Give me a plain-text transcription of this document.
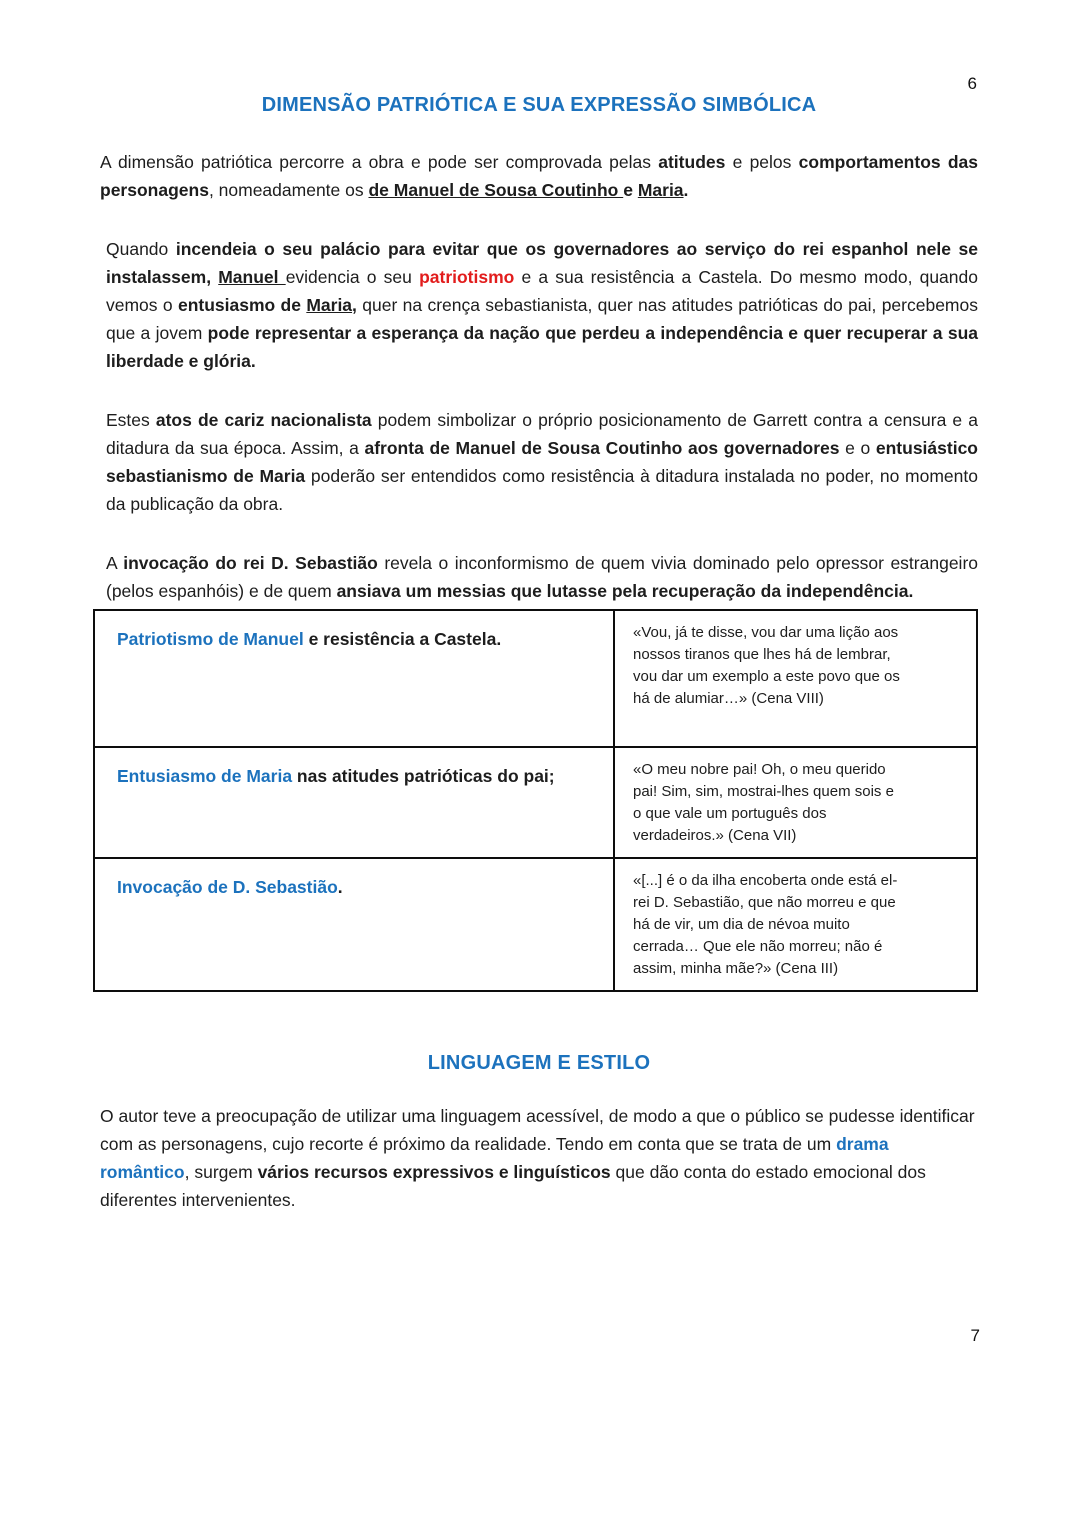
6
DIMENSÃO PATRIÓTICA E SUA EXPRESSÃO SIMBÓLICA

A dimensão patriótica percorre a obra e pode ser comprovada pelas atitudes e pelos comportamentos das personagens, nomeadamente os de Manuel de Sousa Coutinho e Maria.

Quando incendeia o seu palácio para evitar que os governadores ao serviço do rei espanhol nele se instalassem, Manuel evidencia o seu patriotismo e a sua resistência a Castela. Do mesmo modo, quando vemos o entusiasmo de Maria, quer na crença sebastianista, quer nas atitudes patrióticas do pai, percebemos que a jovem pode representar a esperança da nação que perdeu a independência e quer recuperar a sua liberdade e glória.

Estes atos de cariz nacionalista podem simbolizar o próprio posicionamento de Garrett contra a censura e a ditadura da sua época. Assim, a afronta de Manuel de Sousa Coutinho aos governadores e o entusiástico sebastianismo de Maria poderão ser entendidos como resistência à ditadura instalada no poder, no momento da publicação da obra.

A invocação do rei D. Sebastião revela o inconformismo de quem vivia dominado pelo opressor estrangeiro (pelos espanhóis) e de quem ansiava um messias que lutasse pela recuperação da independência.

Patriotismo de Manuel e resistência a Castela.	«Vou, já te disse, vou dar uma lição aos nossos tiranos que lhes há de lembrar, vou dar um exemplo a este povo que os há de alumiar…» (Cena VIII)
Entusiasmo de Maria nas atitudes patrióticas do pai;	«O meu nobre pai! Oh, o meu querido pai! Sim, sim, mostrai-lhes quem sois e o que vale um português dos verdadeiros.» (Cena VII)
Invocação de D. Sebastião.	«[...] é o da ilha encoberta onde está el-rei D. Sebastião, que não morreu e que há de vir, um dia de névoa muito cerrada… Que ele não morreu; não é assim, minha mãe?» (Cena III)
LINGUAGEM E ESTILO

O autor teve a preocupação de utilizar uma linguagem acessível, de modo a que o público se pudesse identificar com as personagens, cujo recorte é próximo da realidade. Tendo em conta que se trata de um drama romântico, surgem vários recursos expressivos e linguísticos que dão conta do estado emocional dos diferentes intervenientes.

7
